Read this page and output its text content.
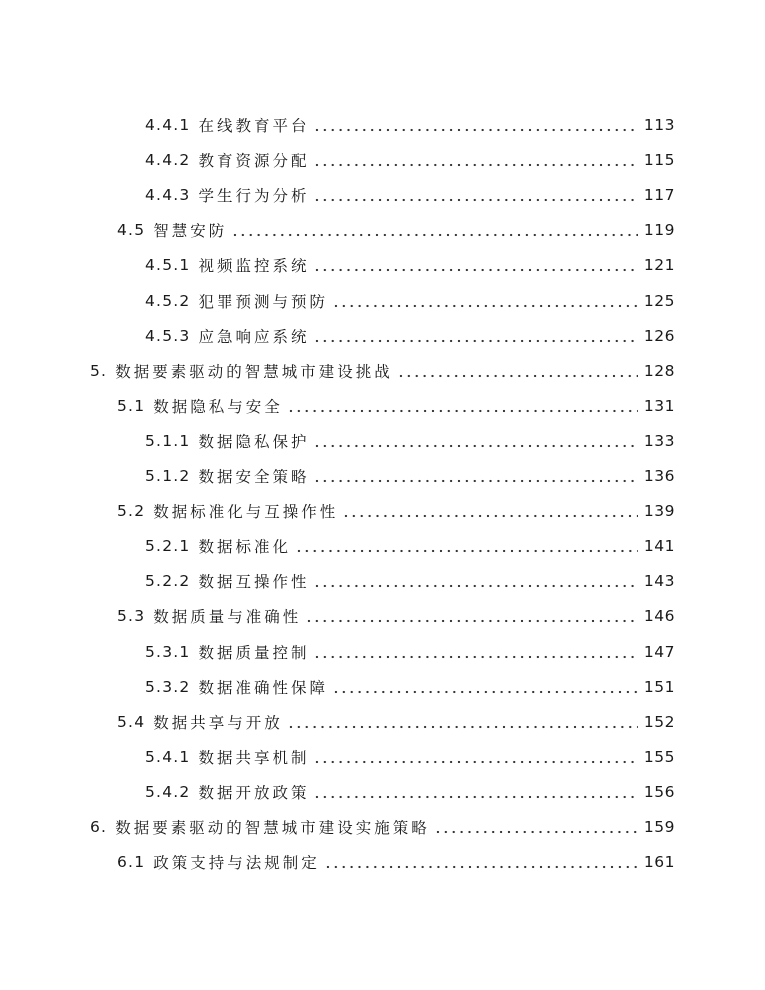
4.4.1 在线教育平台	113
4.4.2 教育资源分配	115
4.4.3 学生行为分析	117
4.5 智慧安防	119
4.5.1 视频监控系统	121
4.5.2 犯罪预测与预防	125
4.5.3 应急响应系统	126
5. 数据要素驱动的智慧城市建设挑战	128
5.1 数据隐私与安全	131
5.1.1 数据隐私保护	133
5.1.2 数据安全策略	136
5.2 数据标准化与互操作性	139
5.2.1 数据标准化	141
5.2.2 数据互操作性	143
5.3 数据质量与准确性	146
5.3.1 数据质量控制	147
5.3.2 数据准确性保障	151
5.4 数据共享与开放	152
5.4.1 数据共享机制	155
5.4.2 数据开放政策	156
6. 数据要素驱动的智慧城市建设实施策略	159
6.1 政策支持与法规制定	161
